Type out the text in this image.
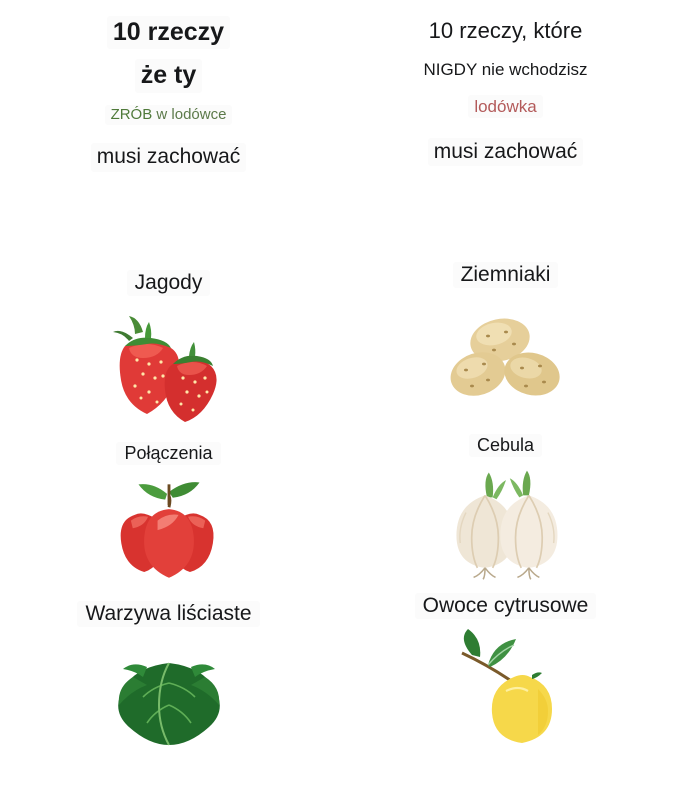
10 rzeczy
że ty
ZRÓB w lodówce
musi zachować
Jagody
Połączenia
Warzywa liściaste
10 rzeczy, które
NIGDY nie wchodzisz
lodówka
musi zachować
Ziemniaki
Cebula
Owoce cytrusowe
